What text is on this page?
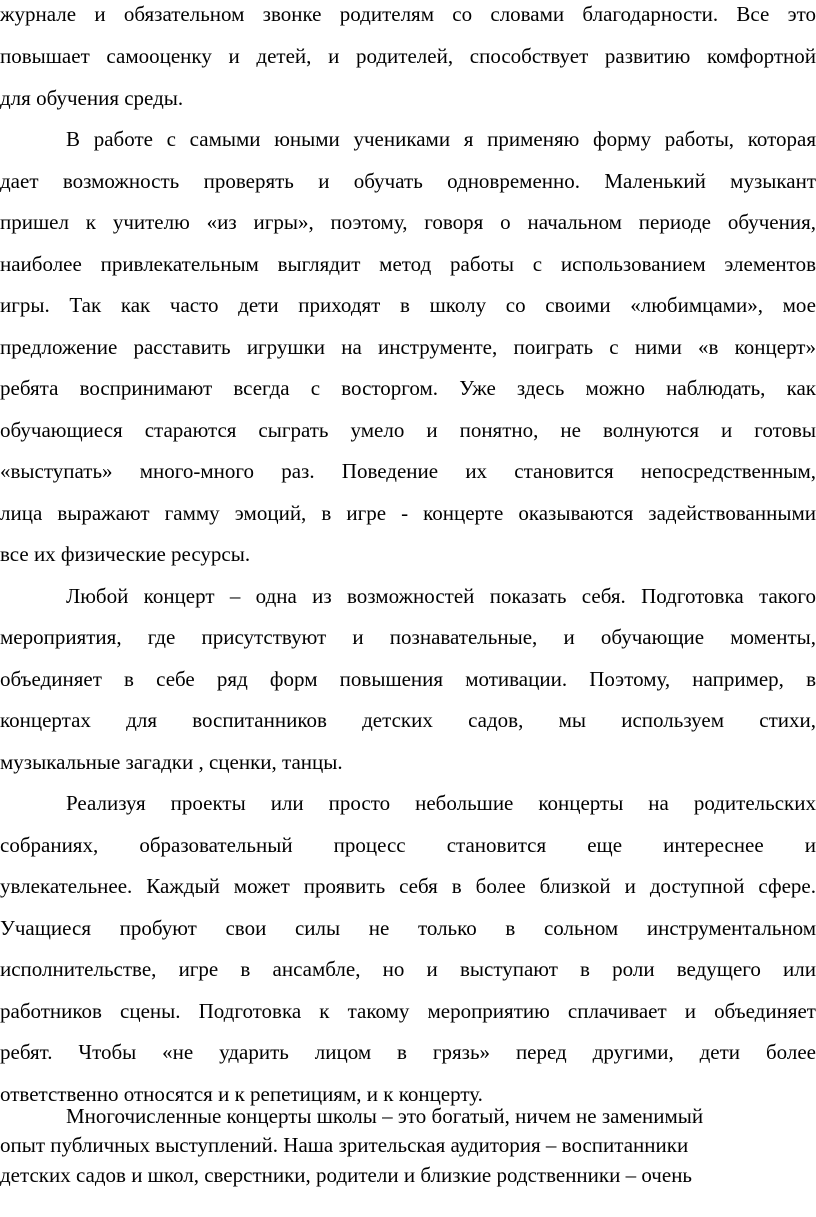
журнале и обязательном звонке родителям со словами благодарности. Все это
повышает самооценку и детей, и родителей, способствует развитию комфортной
для обучения среды.
В работе с самыми юными учениками я применяю форму работы, которая
дает возможность проверять и обучать одновременно. Маленький музыкант
пришел к учителю «из игры», поэтому, говоря о начальном периоде обучения,
наиболее привлекательным выглядит метод работы с использованием элементов
игры. Так как часто дети приходят в школу со своими «любимцами», мое
предложение расставить игрушки на инструменте, поиграть с ними «в концерт»
ребята воспринимают всегда с восторгом. Уже здесь можно наблюдать, как
обучающиеся стараются сыграть умело и понятно, не волнуются и готовы
«выступать» много-много раз. Поведение их становится непосредственным,
лица выражают гамму эмоций, в игре - концерте оказываются задействованными
все их физические ресурсы.
Любой концерт – одна из возможностей показать себя. Подготовка такого
мероприятия, где присутствуют и познавательные, и обучающие моменты,
объединяет в себе ряд форм повышения мотивации. Поэтому, например, в
концертах для воспитанников детских садов, мы используем стихи,
музыкальные загадки , сценки, танцы.
Реализуя проекты или просто небольшие концерты на родительских
собраниях, образовательный процесс становится еще интереснее и
увлекательнее. Каждый может проявить себя в более близкой и доступной сфере.
Учащиеся пробуют свои силы не только в сольном инструментальном
исполнительстве, игре в ансамбле, но и выступают в роли ведущего или
работников сцены. Подготовка к такому мероприятию сплачивает и объединяет
ребят. Чтобы «не ударить лицом в грязь» перед другими, дети более
ответственно относятся и к репетициям, и к концерту.
Многочисленные концерты школы – это богатый, ничем не заменимый
опыт публичных выступлений. Наша зрительская аудитория – воспитанники
детских садов и школ, сверстники, родители и близкие родственники – очень
